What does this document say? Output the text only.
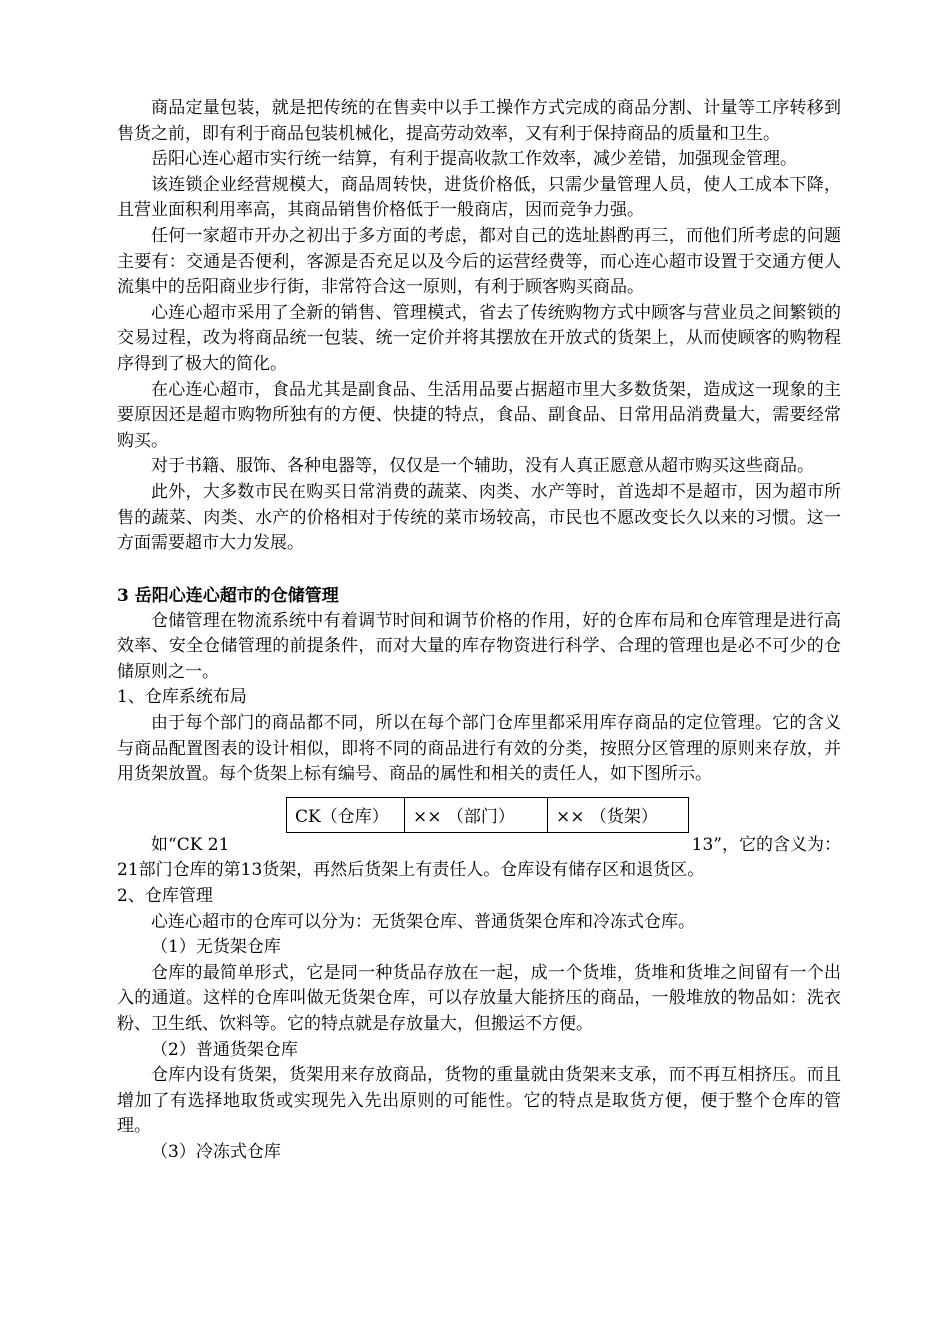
商品定量包装，就是把传统的在售卖中以手工操作方式完成的商品分割、计量等工序转移到售货之前，即有利于商品包装机械化，提高劳动效率，又有利于保持商品的质量和卫生。

岳阳心连心超市实行统一结算，有利于提高收款工作效率，减少差错，加强现金管理。

该连锁企业经营规模大，商品周转快，进货价格低，只需少量管理人员，使人工成本下降，且营业面积利用率高，其商品销售价格低于一般商店，因而竞争力强。

任何一家超市开办之初出于多方面的考虑，都对自己的选址斟酌再三，而他们所考虑的问题主要有：交通是否便利，客源是否充足以及今后的运营经费等，而心连心超市设置于交通方便人流集中的岳阳商业步行街，非常符合这一原则，有利于顾客购买商品。

心连心超市采用了全新的销售、管理模式，省去了传统购物方式中顾客与营业员之间繁锁的交易过程，改为将商品统一包装、统一定价并将其摆放在开放式的货架上，从而使顾客的购物程序得到了极大的简化。

在心连心超市，食品尤其是副食品、生活用品要占据超市里大多数货架，造成这一现象的主要原因还是超市购物所独有的方便、快捷的特点，食品、副食品、日常用品消费量大，需要经常购买。

对于书籍、服饰、各种电器等，仅仅是一个辅助，没有人真正愿意从超市购买这些商品。

此外，大多数市民在购买日常消费的蔬菜、肉类、水产等时，首选却不是超市，因为超市所售的蔬菜、肉类、水产的价格相对于传统的菜市场较高，市民也不愿改变长久以来的习惯。这一方面需要超市大力发展。

3 岳阳心连心超市的仓储管理

仓储管理在物流系统中有着调节时间和调节价格的作用，好的仓库布局和仓库管理是进行高效率、安全仓储管理的前提条件，而对大量的库存物资进行科学、合理的管理也是必不可少的仓储原则之一。

1、仓库系统布局

由于每个部门的商品都不同，所以在每个部门仓库里都采用库存商品的定位管理。它的含义与商品配置图表的设计相似，即将不同的商品进行有效的分类，按照分区管理的原则来存放，并用货架放置。每个货架上标有编号、商品的属性和相关的责任人，如下图所示。

CK（仓库）	×× （部门）	×× （货架）
如“CK 21	13”，它的含义为：

21部门仓库的第13货架，再然后货架上有责任人。仓库设有储存区和退货区。

2、仓库管理

心连心超市的仓库可以分为：无货架仓库、普通货架仓库和冷冻式仓库。

（1）无货架仓库

仓库的最简单形式，它是同一种货品存放在一起，成一个货堆，货堆和货堆之间留有一个出入的通道。这样的仓库叫做无货架仓库，可以存放量大能挤压的商品，一般堆放的物品如：洗衣粉、卫生纸、饮料等。它的特点就是存放量大，但搬运不方便。

（2）普通货架仓库

仓库内设有货架，货架用来存放商品，货物的重量就由货架来支承，而不再互相挤压。而且增加了有选择地取货或实现先入先出原则的可能性。它的特点是取货方便，便于整个仓库的管理。

（3）冷冻式仓库
